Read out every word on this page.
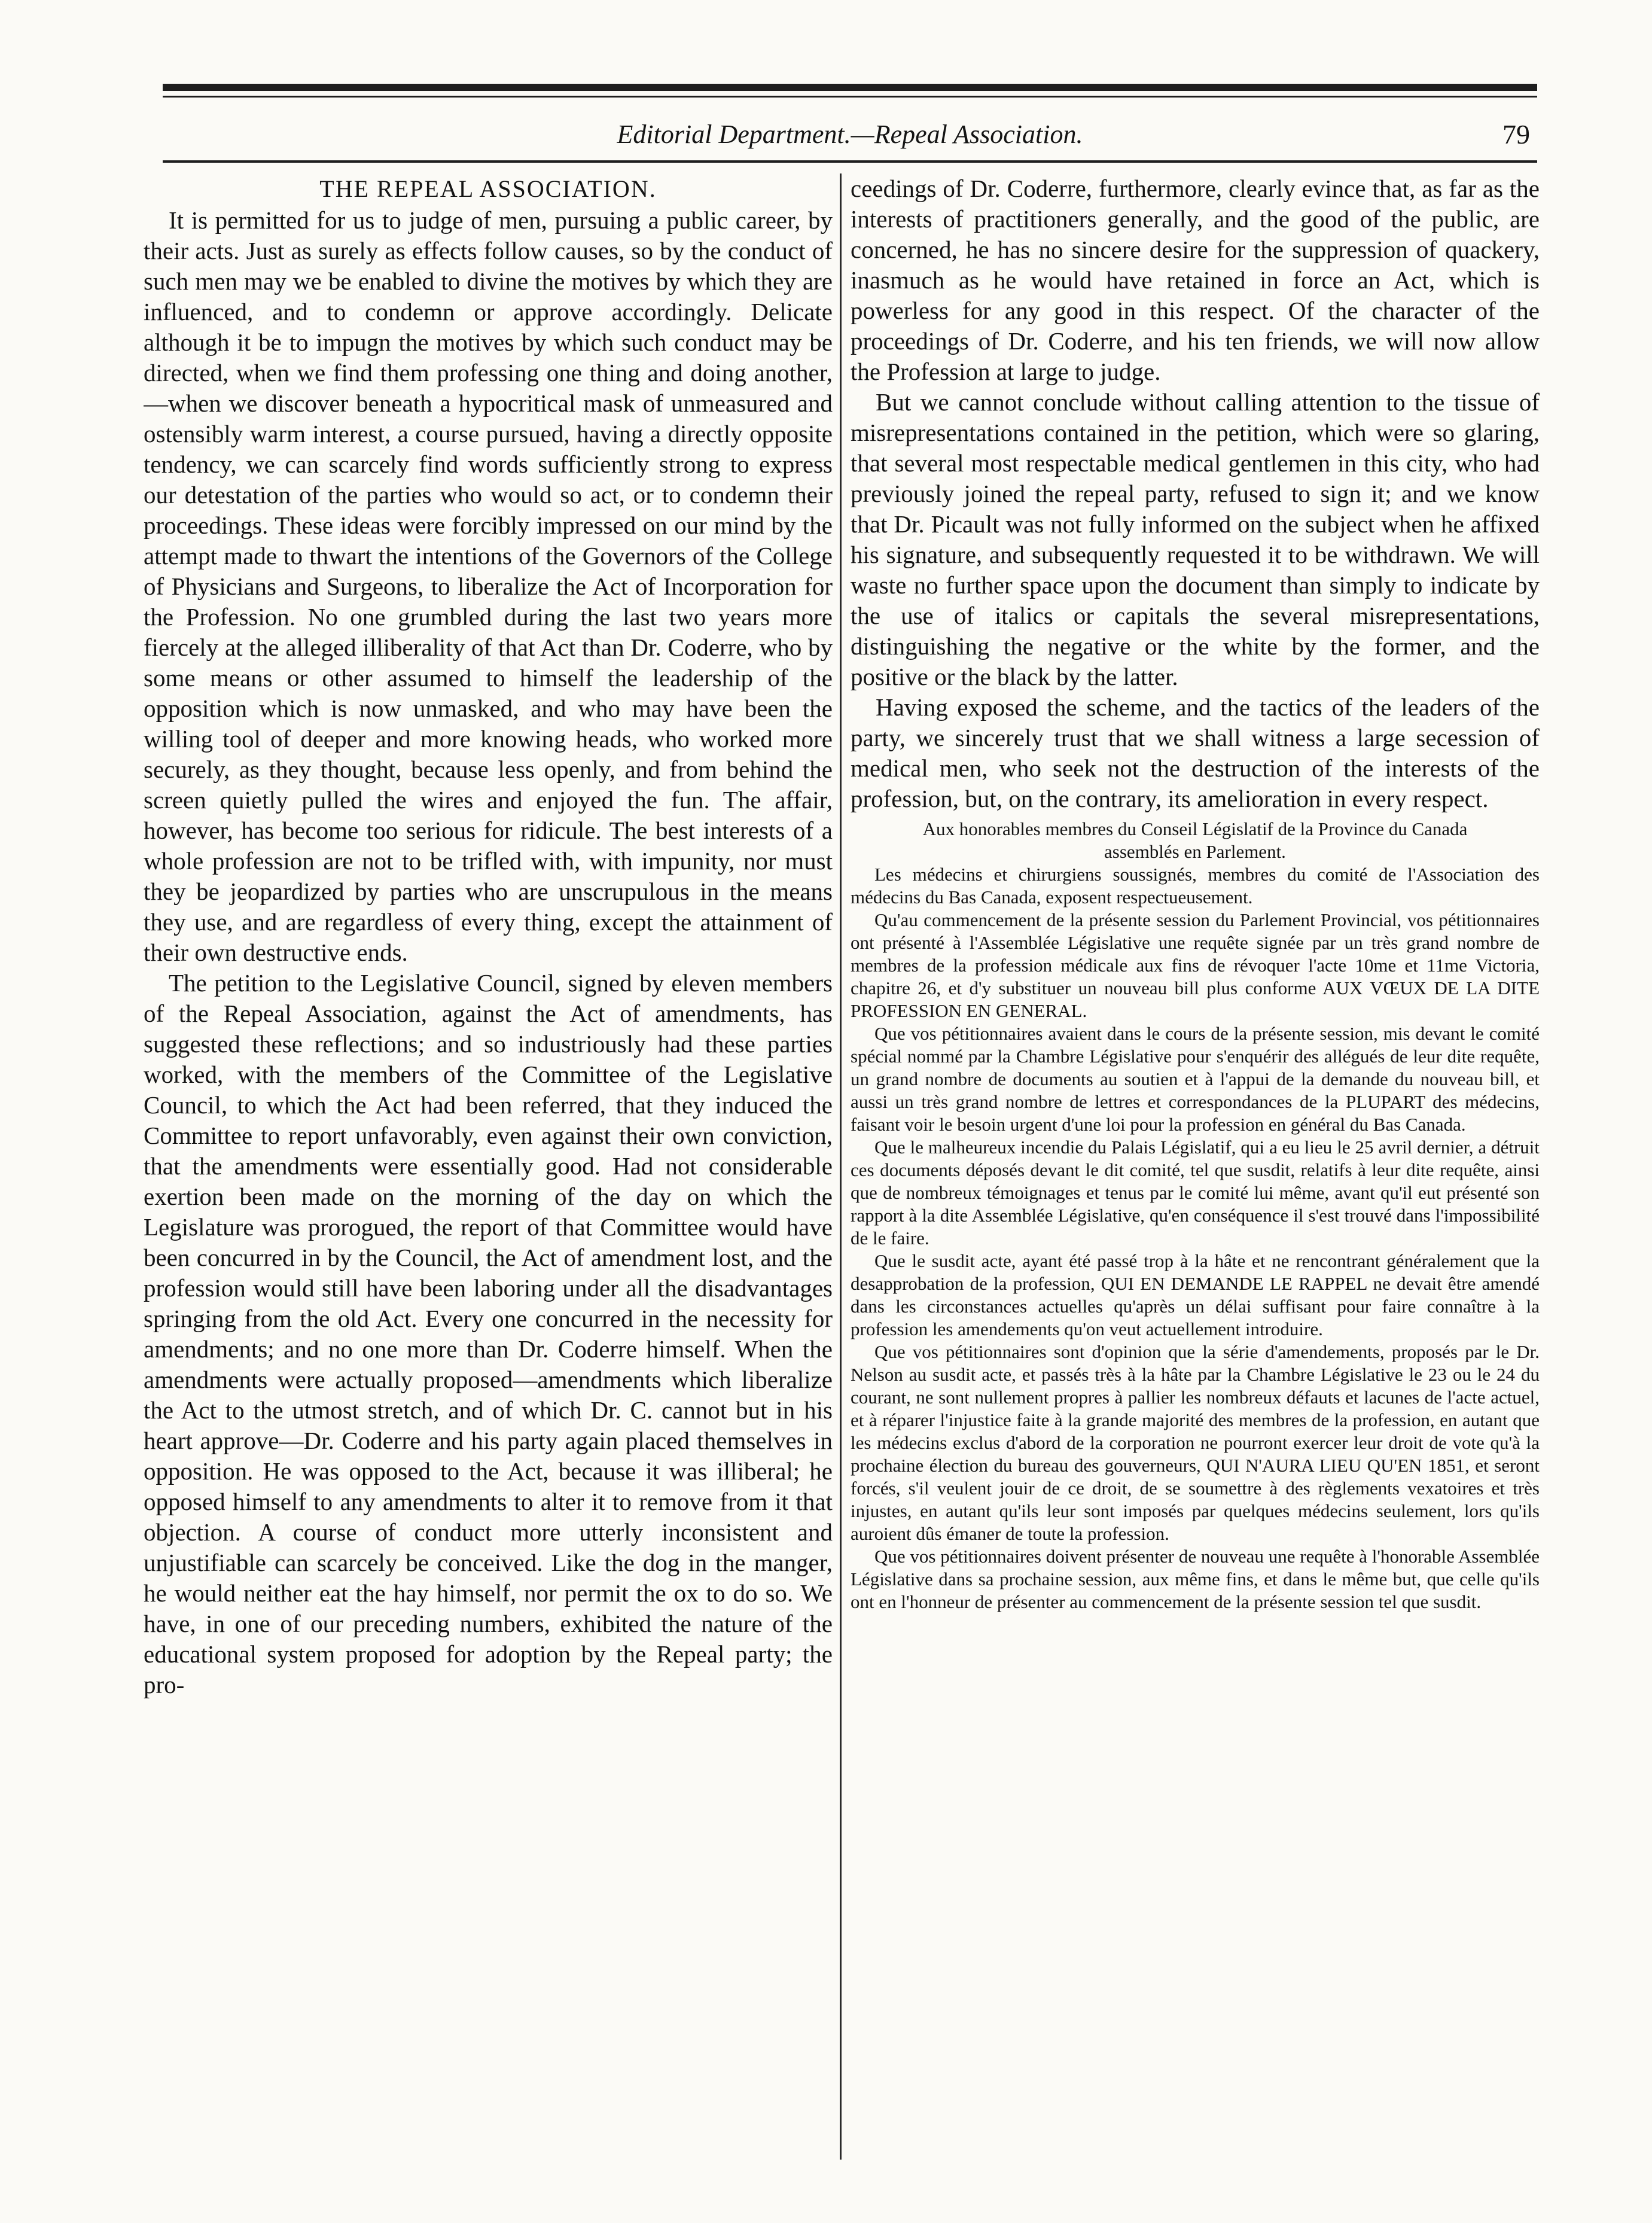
Editorial Department.—Repeal Association.	79
THE REPEAL ASSOCIATION.

It is permitted for us to judge of men, pursuing a public career, by their acts. Just as surely as effects follow causes, so by the conduct of such men may we be enabled to divine the motives by which they are influenced, and to condemn or approve accordingly. Delicate although it be to impugn the motives by which such conduct may be directed, when we find them professing one thing and doing another,—when we discover beneath a hypocritical mask of unmeasured and ostensibly warm interest, a course pursued, having a directly opposite tendency, we can scarcely find words sufficiently strong to express our detestation of the parties who would so act, or to condemn their proceedings. These ideas were forcibly impressed on our mind by the attempt made to thwart the intentions of the Governors of the College of Physicians and Surgeons, to liberalize the Act of Incorporation for the Profession. No one grumbled during the last two years more fiercely at the alleged illiberality of that Act than Dr. Coderre, who by some means or other assumed to himself the leadership of the opposition which is now unmasked, and who may have been the willing tool of deeper and more knowing heads, who worked more securely, as they thought, because less openly, and from behind the screen quietly pulled the wires and enjoyed the fun. The affair, however, has become too serious for ridicule. The best interests of a whole profession are not to be trifled with, with impunity, nor must they be jeopardized by parties who are unscrupulous in the means they use, and are regardless of every thing, except the attainment of their own destructive ends.

The petition to the Legislative Council, signed by eleven members of the Repeal Association, against the Act of amendments, has suggested these reflections; and so industriously had these parties worked, with the members of the Committee of the Legislative Council, to which the Act had been referred, that they induced the Committee to report unfavorably, even against their own conviction, that the amendments were essentially good. Had not considerable exertion been made on the morning of the day on which the Legislature was prorogued, the report of that Committee would have been concurred in by the Council, the Act of amendment lost, and the profession would still have been laboring under all the disadvantages springing from the old Act. Every one concurred in the necessity for amendments; and no one more than Dr. Coderre himself. When the amendments were actually proposed—amendments which liberalize the Act to the utmost stretch, and of which Dr. C. cannot but in his heart approve—Dr. Coderre and his party again placed themselves in opposition. He was opposed to the Act, because it was illiberal; he opposed himself to any amendments to alter it to remove from it that objection. A course of conduct more utterly inconsistent and unjustifiable can scarcely be conceived. Like the dog in the manger, he would neither eat the hay himself, nor permit the ox to do so. We have, in one of our preceding numbers, exhibited the nature of the educational system proposed for adoption by the Repeal party; the pro-

ceedings of Dr. Coderre, furthermore, clearly evince that, as far as the interests of practitioners generally, and the good of the public, are concerned, he has no sincere desire for the suppression of quackery, inasmuch as he would have retained in force an Act, which is powerless for any good in this respect. Of the character of the proceedings of Dr. Coderre, and his ten friends, we will now allow the Profession at large to judge.

But we cannot conclude without calling attention to the tissue of misrepresentations contained in the petition, which were so glaring, that several most respectable medical gentlemen in this city, who had previously joined the repeal party, refused to sign it; and we know that Dr. Picault was not fully informed on the subject when he affixed his signature, and subsequently requested it to be withdrawn. We will waste no further space upon the document than simply to indicate by the use of italics or capitals the several misrepresentations, distinguishing the negative or the white by the former, and the positive or the black by the latter.

Having exposed the scheme, and the tactics of the leaders of the party, we sincerely trust that we shall witness a large secession of medical men, who seek not the destruction of the interests of the profession, but, on the contrary, its amelioration in every respect.

Aux honorables membres du Conseil Législatif de la Province du Canada assemblés en Parlement.

Les médecins et chirurgiens soussignés, membres du comité de l'Association des médecins du Bas Canada, exposent respectueusement.

Qu'au commencement de la présente session du Parlement Provincial, vos pétitionnaires ont présenté à l'Assemblée Législative une requête signée par un très grand nombre de membres de la profession médicale aux fins de révoquer l'acte 10me et 11me Victoria, chapitre 26, et d'y substituer un nouveau bill plus conforme AUX VŒUX DE LA DITE PROFESSION EN GENERAL.

Que vos pétitionnaires avaient dans le cours de la présente session, mis devant le comité spécial nommé par la Chambre Législative pour s'enquérir des allégués de leur dite requête, un grand nombre de documents au soutien et à l'appui de la demande du nouveau bill, et aussi un très grand nombre de lettres et correspondances de la PLUPART des médecins, faisant voir le besoin urgent d'une loi pour la profession en général du Bas Canada.

Que le malheureux incendie du Palais Législatif, qui a eu lieu le 25 avril dernier, a détruit ces documents déposés devant le dit comité, tel que susdit, relatifs à leur dite requête, ainsi que de nombreux témoignages et tenus par le comité lui même, avant qu'il eut présenté son rapport à la dite Assemblée Législative, qu'en conséquence il s'est trouvé dans l'impossibilité de le faire.

Que le susdit acte, ayant été passé trop à la hâte et ne rencontrant généralement que la desapprobation de la profession, QUI EN DEMANDE LE RAPPEL ne devait être amendé dans les circonstances actuelles qu'après un délai suffisant pour faire connaître à la profession les amendements qu'on veut actuellement introduire.

Que vos pétitionnaires sont d'opinion que la série d'amendements, proposés par le Dr. Nelson au susdit acte, et passés très à la hâte par la Chambre Législative le 23 ou le 24 du courant, ne sont nullement propres à pallier les nombreux défauts et lacunes de l'acte actuel, et à réparer l'injustice faite à la grande majorité des membres de la profession, en autant que les médecins exclus d'abord de la corporation ne pourront exercer leur droit de vote qu'à la prochaine élection du bureau des gouverneurs, QUI N'AURA LIEU QU'EN 1851, et seront forcés, s'il veulent jouir de ce droit, de se soumettre à des règlements vexatoires et très injustes, en autant qu'ils leur sont imposés par quelques médecins seulement, lors qu'ils auroient dûs émaner de toute la profession.

Que vos pétitionnaires doivent présenter de nouveau une requête à l'honorable Assemblée Législative dans sa prochaine session, aux même fins, et dans le même but, que celle qu'ils ont en l'honneur de présenter au commencement de la présente session tel que susdit.
